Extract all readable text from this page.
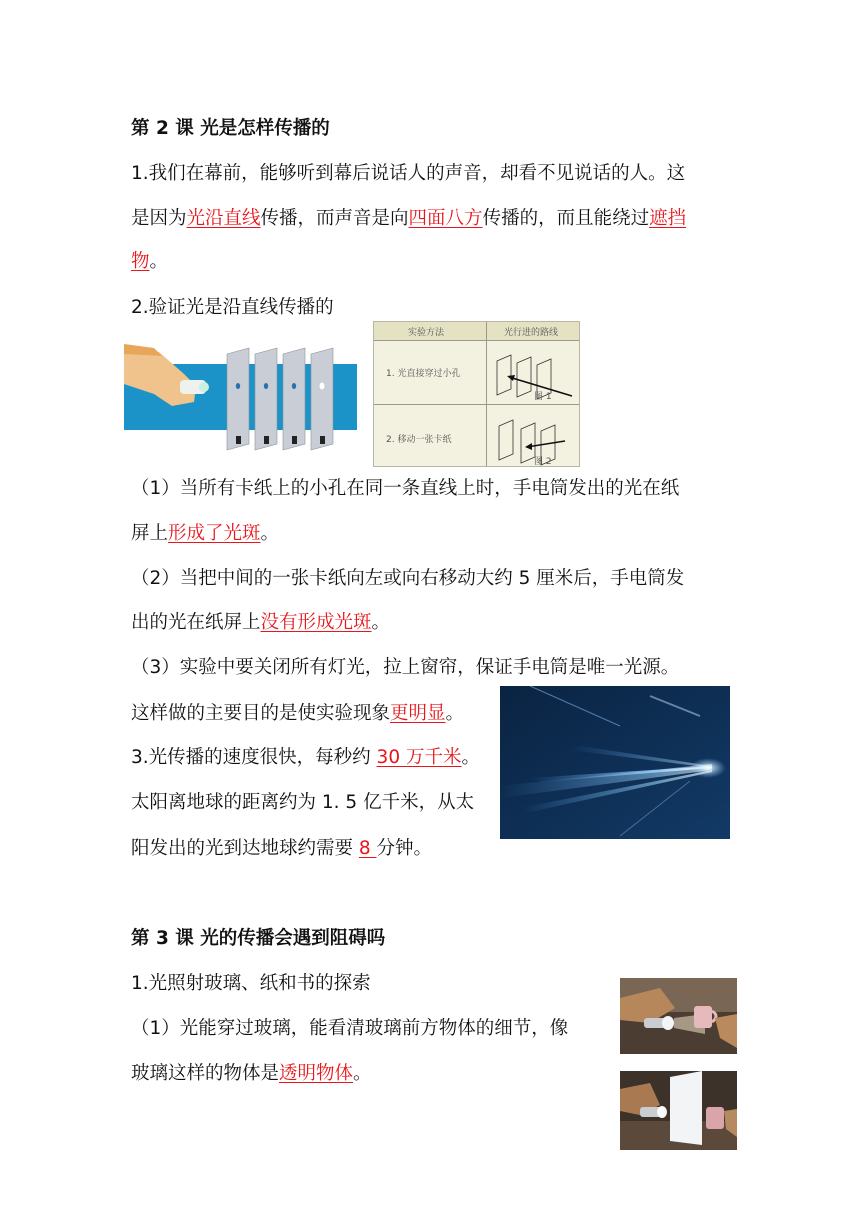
第 2 课 光是怎样传播的
1.我们在幕前，能够听到幕后说话人的声音，却看不见说话的人。这
是因为光沿直线传播，而声音是向四面八方传播的，而且能绕过遮挡
物。
2.验证光是沿直线传播的
实验方法	光行进的路线
1. 光直接穿过小孔
2. 移动一张卡纸
图 1
图 2
（1）当所有卡纸上的小孔在同一条直线上时，手电筒发出的光在纸
屏上形成了光斑。
（2）当把中间的一张卡纸向左或向右移动大约 5 厘米后，手电筒发
出的光在纸屏上没有形成光斑。
（3）实验中要关闭所有灯光，拉上窗帘，保证手电筒是唯一光源。
这样做的主要目的是使实验现象更明显。
3.光传播的速度很快，每秒约 30 万千米。
太阳离地球的距离约为 1. 5 亿千米，从太
阳发出的光到达地球约需要 8 分钟。
第 3 课 光的传播会遇到阻碍吗
1.光照射玻璃、纸和书的探索
（1）光能穿过玻璃，能看清玻璃前方物体的细节，像
玻璃这样的物体是透明物体。
